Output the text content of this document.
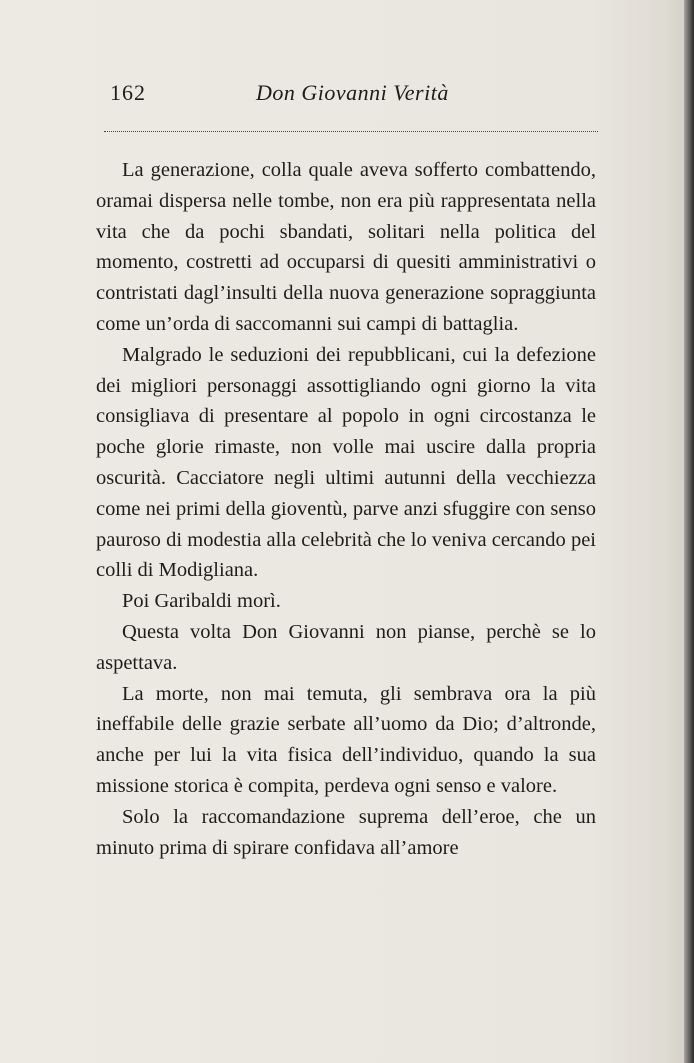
162	Don Giovanni Verità

La generazione, colla quale aveva sofferto combattendo, oramai dispersa nelle tombe, non era più rappresentata nella vita che da pochi sbandati, solitari nella politica del momento, costretti ad occuparsi di quesiti amministrativi o contristati dagl’insulti della nuova generazione sopraggiunta come un’orda di saccomanni sui campi di battaglia.

Malgrado le seduzioni dei repubblicani, cui la defezione dei migliori personaggi assottigliando ogni giorno la vita consigliava di presentare al popolo in ogni circostanza le poche glorie rimaste, non volle mai uscire dalla propria oscurità. Cacciatore negli ultimi autunni della vecchiezza come nei primi della gioventù, parve anzi sfuggire con senso pauroso di modestia alla celebrità che lo veniva cercando pei colli di Modigliana.

Poi Garibaldi morì.

Questa volta Don Giovanni non pianse, perchè se lo aspettava.

La morte, non mai temuta, gli sembrava ora la più ineffabile delle grazie serbate all’uomo da Dio; d’altronde, anche per lui la vita fisica dell’individuo, quando la sua missione storica è compita, perdeva ogni senso e valore.

Solo la raccomandazione suprema dell’eroe, che un minuto prima di spirare confidava all’amore
